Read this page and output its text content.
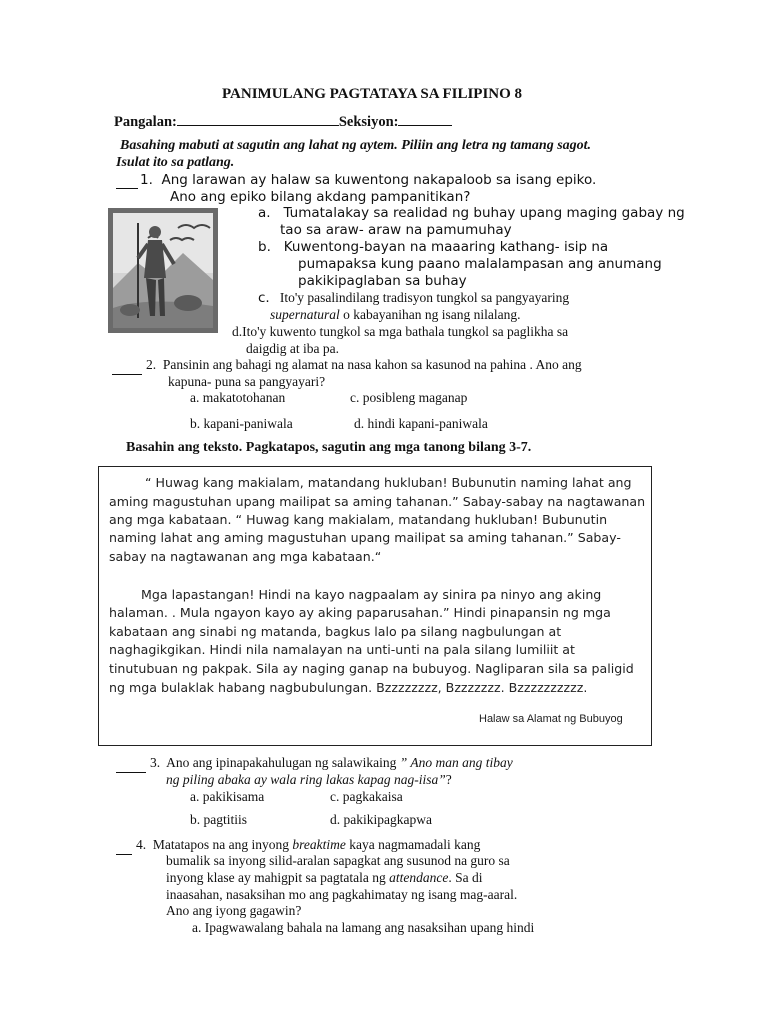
PANIMULANG PAGTATAYA SA FILIPINO 8
Pangalan:	Seksiyon:
Basahing mabuti at sagutin ang lahat ng aytem. Piliin ang letra ng tamang sagot.
Isulat ito sa patlang.
1. Ang larawan ay halaw sa kuwentong nakapaloob sa isang epiko.
Ano ang epiko bilang akdang pampanitikan?
a. Tumatalakay sa realidad ng buhay upang maging gabay ng
tao sa araw- araw na pamumuhay
b. Kuwentong-bayan na maaaring kathang- isip na
pumapaksa kung paano malalampasan ang anumang
pakikipaglaban sa buhay
c. Ito'y pasalindilang tradisyon tungkol sa pangyayaring
supernatural o kabayanihan ng isang nilalang.
d.Ito'y kuwento tungkol sa mga bathala tungkol sa paglikha sa
daigdig at iba pa.
2. Pansinin ang bahagi ng alamat na nasa kahon sa kasunod na pahina . Ano ang
kapuna- puna sa pangyayari?
a. makatotohanan	c. posibleng maganap
b. kapani-paniwala	d. hindi kapani-paniwala
Basahin ang teksto. Pagkatapos, sagutin ang mga tanong bilang 3-7.
“ Huwag kang makialam, matandang hukluban! Bubunutin naming lahat ang
aming magustuhan upang mailipat sa aming tahanan.” Sabay-sabay na nagtawanan
ang mga kabataan. “ Huwag kang makialam, matandang hukluban! Bubunutin
naming lahat ang aming magustuhan upang mailipat sa aming tahanan.” Sabay-
sabay na nagtawanan ang mga kabataan.“
Mga lapastangan! Hindi na kayo nagpaalam ay sinira pa ninyo ang aking
halaman. . Mula ngayon kayo ay aking paparusahan.” Hindi pinapansin ng mga
kabataan ang sinabi ng matanda, bagkus lalo pa silang nagbulungan at
naghagikgikan. Hindi nila namalayan na unti-unti na pala silang lumiliit at
tinutubuan ng pakpak. Sila ay naging ganap na bubuyog. Nagliparan sila sa paligid
ng mga bulaklak habang nagbubulungan. Bzzzzzzzz, Bzzzzzzz. Bzzzzzzzzzz.
Halaw sa Alamat ng Bubuyog
3. Ano ang ipinapakahulugan ng salawikaing ” Ano man ang tibay
ng piling abaka ay wala ring lakas kapag nag-iisa”?
a. pakikisama	c. pagkakaisa
b. pagtitiis	d. pakikipagkapwa
4. Matatapos na ang inyong breaktime kaya nagmamadali kang
bumalik sa inyong silid-aralan sapagkat ang susunod na guro sa
inyong klase ay mahigpit sa pagtatala ng attendance. Sa di
inaasahan, nasaksihan mo ang pagkahimatay ng isang mag-aaral.
Ano ang iyong gagawin?
a. Ipagwawalang bahala na lamang ang nasaksihan upang hindi
